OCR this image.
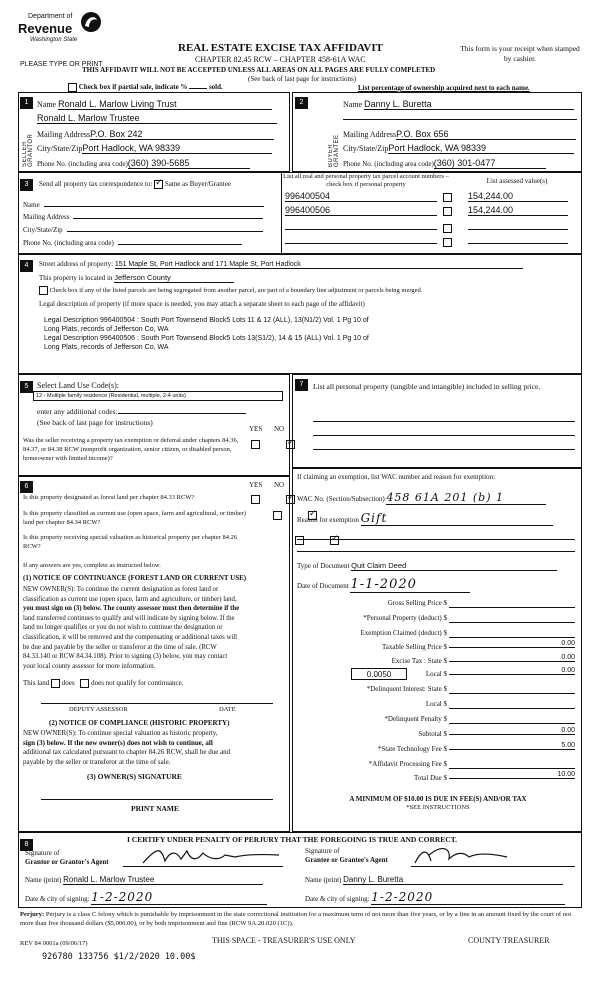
Department of
Revenue
Washington State
PLEASE TYPE OR PRINT
REAL ESTATE EXCISE TAX AFFIDAVIT
CHAPTER 82.45 RCW – CHAPTER 458-61A WAC
This form is your receipt when stamped by cashier.
THIS AFFIDAVIT WILL NOT BE ACCEPTED UNLESS ALL AREAS ON ALL PAGES ARE FULLY COMPLETED
(See back of last page for instructions)
Check box if partial sale, indicate %	sold.	List percentage of ownership acquired next to each name.
1
SELLER GRANTOR
Name Ronald L. Marlow Living Trust
Ronald L. Marlow Trustee
Mailing AddressP.O. Box 242
City/State/ZipPort Hadlock, WA 98339
Phone No. (including area code)(360) 390-5685
2
BUYER GRANTEE
Name Danny L. Buretta
Mailing AddressP.O. Box 656
City/State/ZipPort Hadlock, WA 98339
Phone No. (including area code)(360) 301-0477
3	Send all property tax correspondence to: ✓ Same as Buyer/Grantee
Name
Mailing Address
City/State/Zip
Phone No. (including area code)
List all real and personal property tax parcel account numbers – check box if personal property	List assessed value(s)
996400504	154,244.00
996400506	154,244.00

4	Street address of property: 151 Maple St, Port Hadlock and 171 Maple St, Port Hadlock
This property is located in Jefferson County
Check box if any of the listed parcels are being segregated from another parcel, are part of a boundary line adjustment or parcels being merged.
Legal description of property (if more space is needed, you may attach a separate sheet to each page of the affidavit)
Legal Description 996400504 : South Port Townsend Block5 Lots 11 & 12 (ALL), 13(N1/2) Vol. 1 Pg 10 of
Long Plats, records of Jefferson Co, WA
Legal Description 996400506 : South Port Townsend Block5 Lots 13(S1/2), 14 & 15 (ALL) Vol. 1 Pg 10 of
Long Plats, records of Jefferson Co, WA
5	Select Land Use Code(s):
12 - Multiple family residence (Residential, multiple, 2-4 units)
enter any additional codes:
(See back of last page for instructions)
YES NO
Was the seller receiving a property tax exemption or deferral under chapters 84.36, 84.37, or 84.38 RCW (nonprofit organization, senior citizen, or disabled person, homeowner with limited income)?
✓
7	List all personal property (tangible and intangible) included in selling price.
6	YES NO
Is this property designated as forest land per chapter 84.33 RCW?
✓
Is this property classified as current use (open space, farm and agricultural, or timber) land per chapter 84.34 RCW?
✓
Is this property receiving special valuation as historical property per chapter 84.26 RCW?
✓
If any answers are yes, complete as instructed below.
(1) NOTICE OF CONTINUANCE (FOREST LAND OR CURRENT USE)
NEW OWNER(S): To continue the current designation as forest land or
classification as current use (open space, farm and agriculture, or timber) land,
you must sign on (3) below. The county assessor must then determine if the
land transferred continues to qualify and will indicate by signing below. If the
land no longer qualifies or you do not wish to continue the designation or
classification, it will be removed and the compensating or additional taxes will
be due and payable by the seller or transferor at the time of sale. (RCW
84.33.140 or RCW 84.34.108). Prior to signing (3) below, you may contact
your local county assessor for more information.
This land does does not qualify for continuance.
DEPUTY ASSESSOR	DATE
(2) NOTICE OF COMPLIANCE (HISTORIC PROPERTY)
NEW OWNER(S): To continue special valuation as historic property,
sign (3) below. If the new owner(s) does not wish to continue, all
additional tax calculated pursuant to chapter 84.26 RCW, shall be due and
payable by the seller or transferor at the time of sale.
(3) OWNER(S) SIGNATURE
PRINT NAME
If claiming an exemption, list WAC number and reason for exemption:
WAC No. (Section/Subsection) 458 61A 201 (b) 1
Reason for exemption Gift
Type of Document Quit Claim Deed
Date of Document 1-1-2020
Gross Selling Price $
*Personal Property (deduct) $
Exemption Claimed (deduct) $
Taxable Selling Price $	0.00
Excise Tax : State $	0.00
0.0050	Local $	0.00
*Delinquent Interest: State $
Local $
*Delinquent Penalty $
Subtotal $	0.00
*State Technology Fee $	5.00
*Affidavit Processing Fee $
Total Due $	10.00
A MINIMUM OF $10.00 IS DUE IN FEE(S) AND/OR TAX
*SEE INSTRUCTIONS
8
I CERTIFY UNDER PENALTY OF PERJURY THAT THE FOREGOING IS TRUE AND CORRECT.
Signature of
Grantor or Grantor's Agent
Signature of
Grantee or Grantee's Agent
Name (print) Ronald L. Marlow Trustee	Name (print) Danny L. Buretta
Date & city of signing: 1-2-2020	Date & city of signing: 1-2-2020
Perjury: Perjury is a class C felony which is punishable by imprisonment in the state correctional institution for a maximum term of not more than five years, or by a fine in an amount fixed by the court of not more than five thousand dollars ($5,000.00), or by both imprisonment and fine (RCW 9A.20.020 (1C)).
REV 84 0001a (09/06/17)	THIS SPACE - TREASURER'S USE ONLY	COUNTY TREASURER
926780 133756 $1/2/2020 10.00$
